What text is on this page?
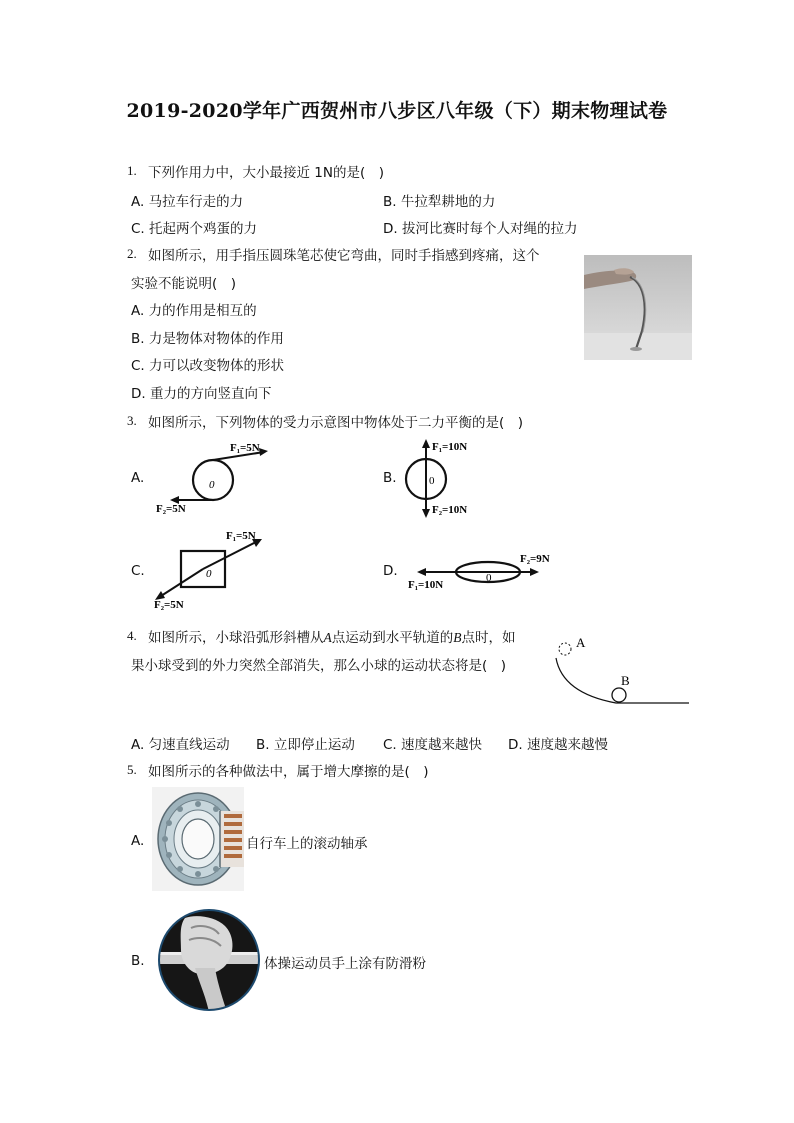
2019-2020学年广西贺州市八步区八年级（下）期末物理试卷
1. 下列作用力中，大小最接近 1N的是(　)
A. 马拉车行走的力	B. 牛拉犁耕地的力
C. 托起两个鸡蛋的力	D. 拔河比赛时每个人对绳的拉力
2. 如图所示，用手指压圆珠笔芯使它弯曲，同时手指感到疼痛，这个
实验不能说明(　)
A. 力的作用是相互的
B. 力是物体对物体的作用
C. 力可以改变物体的形状
D. 重力的方向竖直向下
3. 如图所示，下列物体的受力示意图中物体处于二力平衡的是(　)
A.
F₁=5N
F₂=5N
0	B.
F₁=10N
F₂=10N
0
C.
F₁=5N
F₂=5N
0	D.
F₁=10N
F₂=9N
0
4. 如图所示，小球沿弧形斜槽从A点运动到水平轨道的B点时，如
果小球受到的外力突然全部消失，那么小球的运动状态将是(　)
A
B
A. 匀速直线运动 B. 立即停止运动 C. 速度越来越快 D. 速度越来越慢
5. 如图所示的各种做法中，属于增大摩擦的是(　)
A.	自行车上的滚动轴承
B.	体操运动员手上涂有防滑粉
